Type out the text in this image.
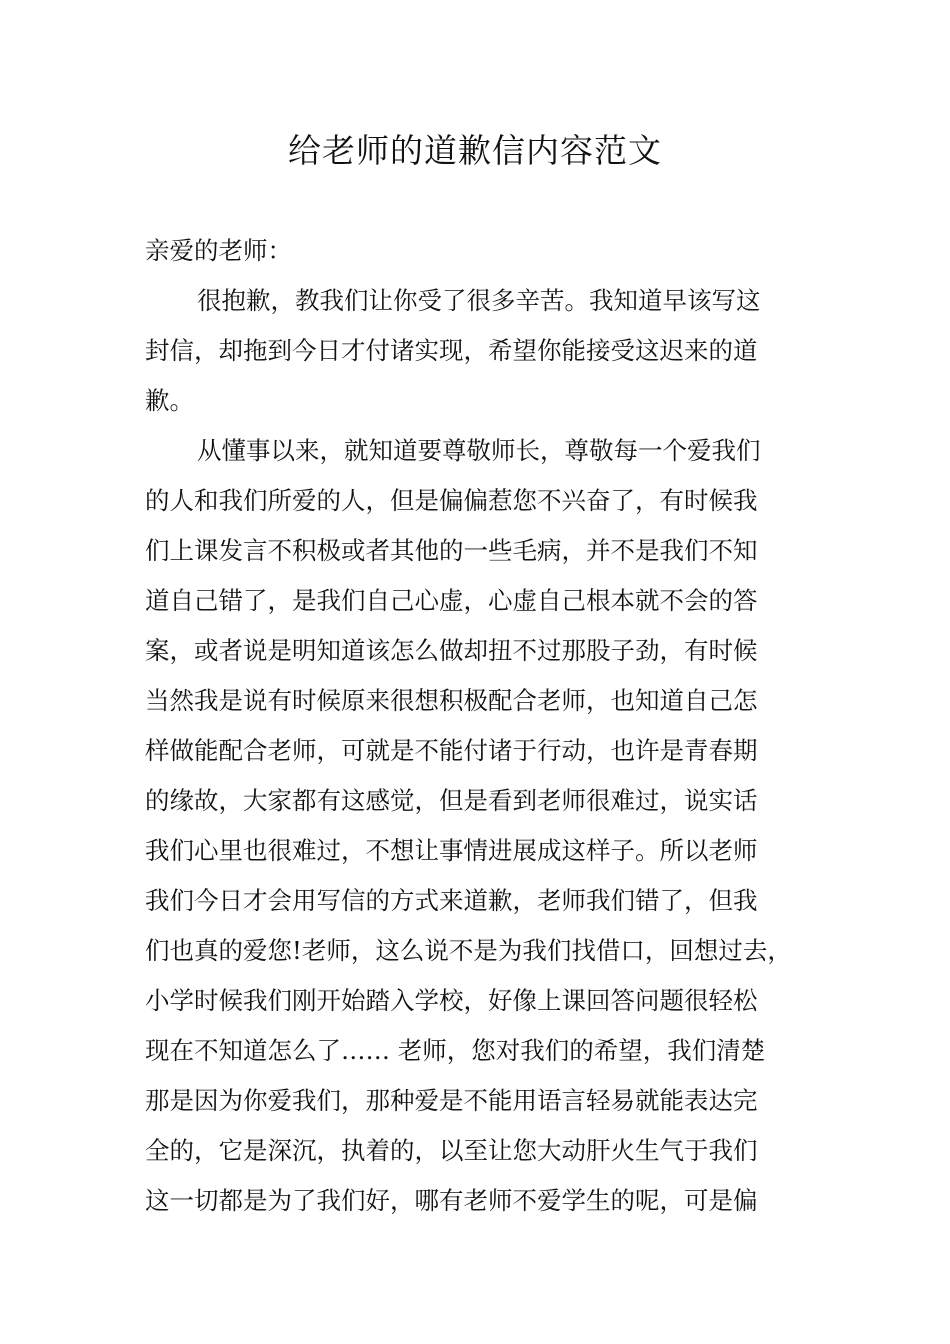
给老师的道歉信内容范文

亲爱的老师：

很抱歉，教我们让你受了很多辛苦。我知道早该写这

封信，却拖到今日才付诸实现，希望你能接受这迟来的道

歉。

从懂事以来，就知道要尊敬师长，尊敬每一个爱我们

的人和我们所爱的人，但是偏偏惹您不兴奋了，有时候我

们上课发言不积极或者其他的一些毛病，并不是我们不知

道自己错了，是我们自己心虚，心虚自己根本就不会的答

案，或者说是明知道该怎么做却扭不过那股子劲，有时候

当然我是说有时候原来很想积极配合老师，也知道自己怎

样做能配合老师，可就是不能付诸于行动，也许是青春期

的缘故，大家都有这感觉，但是看到老师很难过，说实话

我们心里也很难过，不想让事情进展成这样子。所以老师

我们今日才会用写信的方式来道歉，老师我们错了，但我

们也真的爱您!老师，这么说不是为我们找借口，回想过去，

小学时候我们刚开始踏入学校，好像上课回答问题很轻松

现在不知道怎么了…… 老师，您对我们的希望，我们清楚

那是因为你爱我们，那种爱是不能用语言轻易就能表达完

全的，它是深沉，执着的，以至让您大动肝火生气于我们

这一切都是为了我们好，哪有老师不爱学生的呢，可是偏
